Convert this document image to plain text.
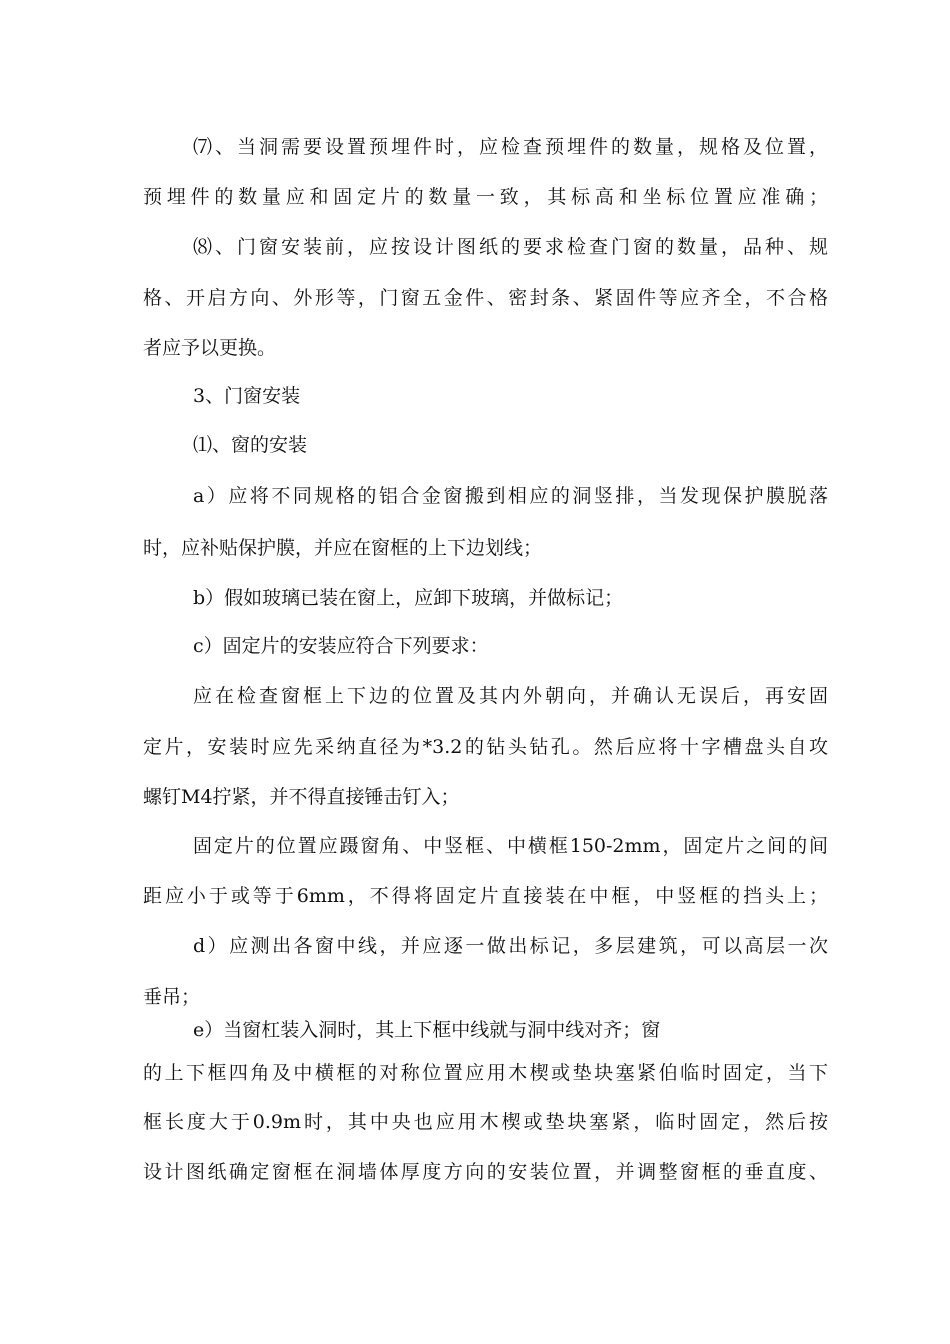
⑺、当洞需要设置预埋件时，应检查预埋件的数量，规格及位置，
预埋件的数量应和固定片的数量一致，其标高和坐标位置应准确；
⑻、门窗安装前，应按设计图纸的要求检查门窗的数量，品种、规
格、开启方向、外形等，门窗五金件、密封条、紧固件等应齐全，不合格
者应予以更换。
3、门窗安装
⑴、窗的安装
a）应将不同规格的铝合金窗搬到相应的洞竖排，当发现保护膜脱落
时，应补贴保护膜，并应在窗框的上下边划线；
b）假如玻璃已装在窗上，应卸下玻璃，并做标记；
c）固定片的安装应符合下列要求：
应在检查窗框上下边的位置及其内外朝向，并确认无误后，再安固
定片，安装时应先采纳直径为*3.2的钻头钻孔。然后应将十字槽盘头自攻
螺钉M4拧紧，并不得直接锤击钉入；
固定片的位置应蹑窗角、中竖框、中横框150-2mm，固定片之间的间
距应小于或等于6mm，不得将固定片直接装在中框，中竖框的挡头上；
d）应测出各窗中线，并应逐一做出标记，多层建筑，可以高层一次
垂吊；
e）当窗杠装入洞时，其上下框中线就与洞中线对齐；窗
的上下框四角及中横框的对称位置应用木楔或垫块塞紧伯临时固定，当下
框长度大于0.9m时，其中央也应用木楔或垫块塞紧，临时固定，然后按
设计图纸确定窗框在洞墙体厚度方向的安装位置，并调整窗框的垂直度、
